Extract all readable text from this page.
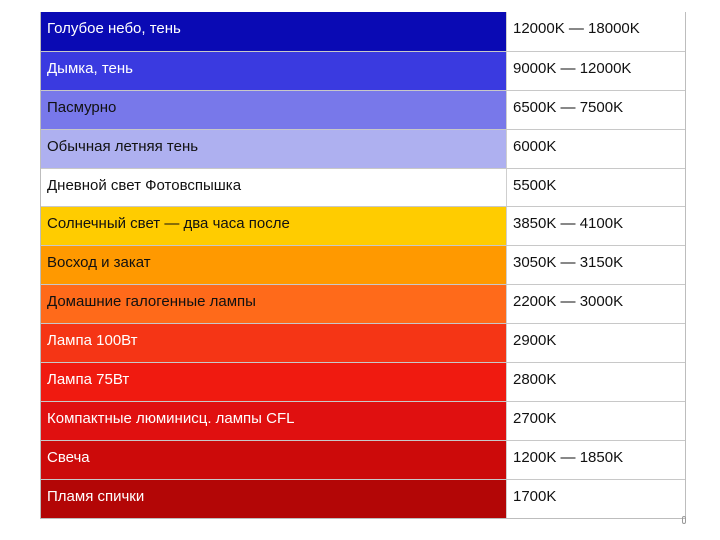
Голубое небо, тень	12000K — 18000K
Дымка, тень	9000K — 12000K
Пасмурно	6500K — 7500K
Обычная летняя тень	6000K
Дневной свет Фотовспышка	5500K
Солнечный свет — два часа после	3850K — 4100K
Восход и закат	3050K — 3150K
Домашние галогенные лампы	2200K — 3000K
Лампа 100Вт	2900K
Лампа 75Вт	2800K
Компактные люминисц. лампы CFL	2700K
Свеча	1200K — 1850K
Пламя спички	1700K
